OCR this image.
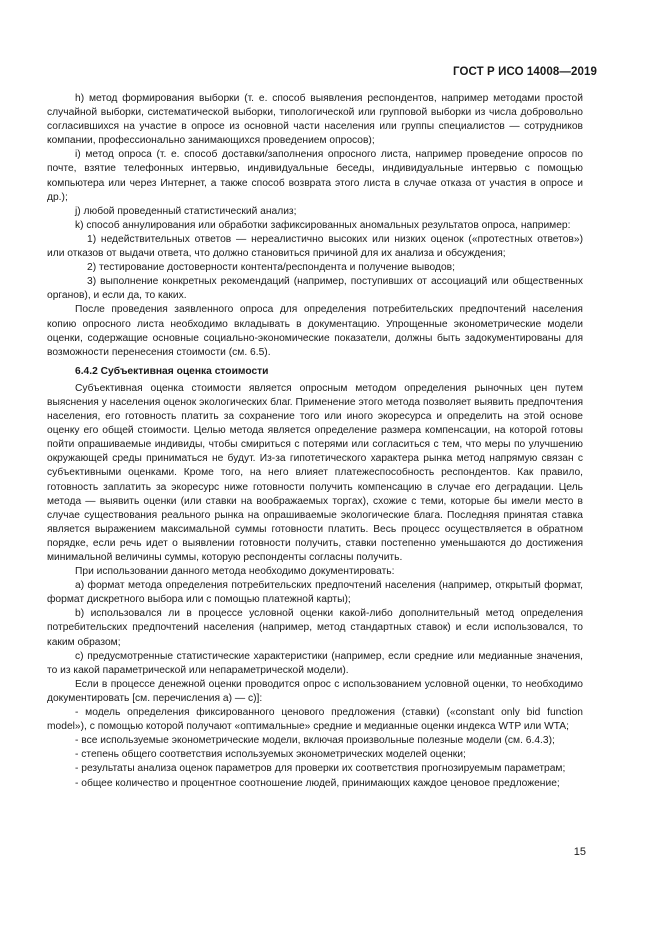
ГОСТ Р ИСО 14008—2019

h) метод формирования выборки (т. е. способ выявления респондентов, например методами простой случайной выборки, систематической выборки, типологической или групповой выборки из числа добровольно согласившихся на участие в опросе из основной части населения или группы специалистов — сотрудников компании, профессионально занимающихся проведением опросов);

i) метод опроса (т. е. способ доставки/заполнения опросного листа, например проведение опросов по почте, взятие телефонных интервью, индивидуальные беседы, индивидуальные интервью с помощью компьютера или через Интернет, а также способ возврата этого листа в случае отказа от участия в опросе и др.);

j) любой проведенный статистический анализ;

k) способ аннулирования или обработки зафиксированных аномальных результатов опроса, например:

1) недействительных ответов — нереалистично высоких или низких оценок («протестных ответов») или отказов от выдачи ответа, что должно становиться причиной для их анализа и обсуждения;

2) тестирование достоверности контента/респондента и получение выводов;

3) выполнение конкретных рекомендаций (например, поступивших от ассоциаций или общественных органов), и если да, то каких.

После проведения заявленного опроса для определения потребительских предпочтений населения копию опросного листа необходимо вкладывать в документацию. Упрощенные эконометрические модели оценки, содержащие основные социально-экономические показатели, должны быть задокументированы для возможности перенесения стоимости (см. 6.5).

6.4.2 Субъективная оценка стоимости

Субъективная оценка стоимости является опросным методом определения рыночных цен путем выяснения у населения оценок экологических благ. Применение этого метода позволяет выявить предпочтения населения, его готовность платить за сохранение того или иного экоресурса и определить на этой основе оценку его общей стоимости. Целью метода является определение размера компенсации, на которой готовы пойти опрашиваемые индивиды, чтобы смириться с потерями или согласиться с тем, что меры по улучшению окружающей среды приниматься не будут. Из-за гипотетического характера рынка метод напрямую связан с субъективными оценками. Кроме того, на него влияет платежеспособность респондентов. Как правило, готовность заплатить за экоресурс ниже готовности получить компенсацию в случае его деградации. Цель метода — выявить оценки (или ставки на воображаемых торгах), схожие с теми, которые бы имели место в случае существования реального рынка на опрашиваемые экологические блага. Последняя принятая ставка является выражением максимальной суммы готовности платить. Весь процесс осуществляется в обратном порядке, если речь идет о выявлении готовности получить, ставки постепенно уменьшаются до достижения минимальной величины суммы, которую респонденты согласны получить.

При использовании данного метода необходимо документировать:

a) формат метода определения потребительских предпочтений населения (например, открытый формат, формат дискретного выбора или с помощью платежной карты);

b) использовался ли в процессе условной оценки какой-либо дополнительный метод определения потребительских предпочтений населения (например, метод стандартных ставок) и если использовался, то каким образом;

c) предусмотренные статистические характеристики (например, если средние или медианные значения, то из какой параметрической или непараметрической модели).

Если в процессе денежной оценки проводится опрос с использованием условной оценки, то необходимо документировать [см. перечисления а) — с)]:

- модель определения фиксированного ценового предложения (ставки) («constant only bid function model»), с помощью которой получают «оптимальные» средние и медианные оценки индекса WTP или WTA;

- все используемые эконометрические модели, включая произвольные полезные модели (см. 6.4.3);

- степень общего соответствия используемых эконометрических моделей оценки;

- результаты анализа оценок параметров для проверки их соответствия прогнозируемым параметрам;

- общее количество и процентное соотношение людей, принимающих каждое ценовое предложение;

15
